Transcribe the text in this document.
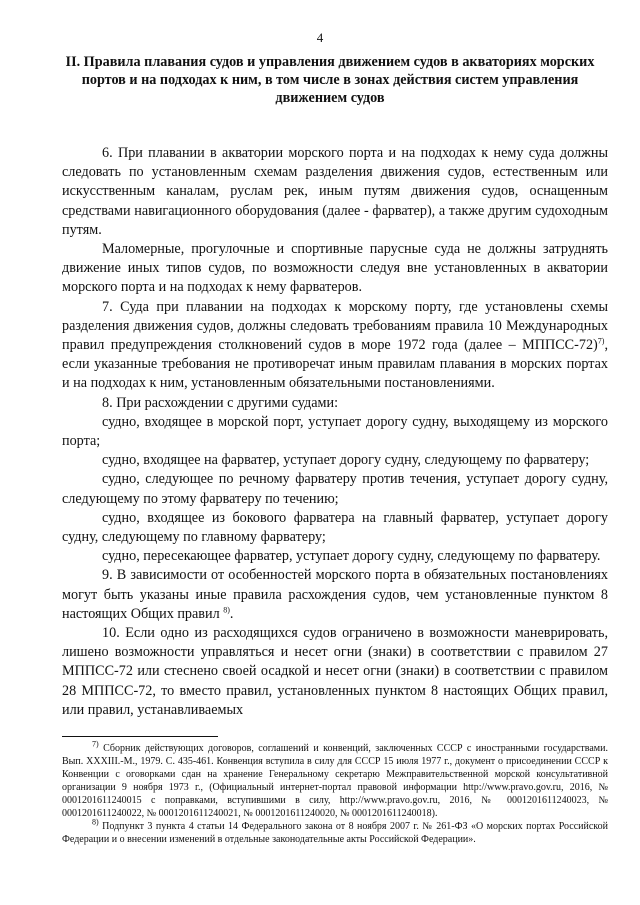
4
II. Правила плавания судов и управления движением судов в акваториях морских портов и на подходах к ним, в том числе в зонах действия систем управления движением судов

6. При плавании в акватории морского порта и на подходах к нему суда должны следовать по установленным схемам разделения движения судов, естественным или искусственным каналам, руслам рек, иным путям движения судов, оснащенным средствами навигационного оборудования (далее - фарватер), а также другим судоходным путям.

Маломерные, прогулочные и спортивные парусные суда не должны затруднять движение иных типов судов, по возможности следуя вне установленных в акватории морского порта и на подходах к нему фарватеров.

7. Суда при плавании на подходах к морскому порту, где установлены схемы разделения движения судов, должны следовать требованиям правила 10 Международных правил предупреждения столкновений судов в море 1972 года (далее – МППСС-72)$^{7)}$, если указанные требования не противоречат иным правилам плавания в морских портах и на подходах к ним, установленным обязательными постановлениями.

8. При расхождении с другими судами:

судно, входящее в морской порт, уступает дорогу судну, выходящему из морского порта;

судно, входящее на фарватер, уступает дорогу судну, следующему по фарватеру;

судно, следующее по речному фарватеру против течения, уступает дорогу судну, следующему по этому фарватеру по течению;

судно, входящее из бокового фарватера на главный фарватер, уступает дорогу судну, следующему по главному фарватеру;

судно, пересекающее фарватер, уступает дорогу судну, следующему по фарватеру.

9. В зависимости от особенностей морского порта в обязательных постановлениях могут быть указаны иные правила расхождения судов, чем установленные пунктом 8 настоящих Общих правил $^{8)}$.

10. Если одно из расходящихся судов ограничено в возможности маневрировать, лишено возможности управляться и несет огни (знаки) в соответствии с правилом 27 МППСС-72 или стеснено своей осадкой и несет огни (знаки) в соответствии с правилом 28 МППСС-72, то вместо правил, установленных пунктом 8 настоящих Общих правил, или правил, устанавливаемых

$^{7)}$ Сборник действующих договоров, соглашений и конвенций, заключенных СССР с иностранными государствами. Вып. XXXIII.-М., 1979. С. 435-461. Конвенция вступила в силу для СССР 15 июля 1977 г., документ о присоединении СССР к Конвенции с оговорками сдан на хранение Генеральному секретарю Межправительственной морской консультативной организации 9 ноября 1973 г., (Официальный интернет-портал правовой информации http://www.pravo.gov.ru, 2016, № 0001201611240015 с поправками, вступившими в силу, http://www.pravo.gov.ru, 2016, № 0001201611240023, № 0001201611240022, № 0001201611240021, № 0001201611240020, № 0001201611240018).

$^{8)}$ Подпункт 3 пункта 4 статьи 14 Федерального закона от 8 ноября 2007 г. № 261-ФЗ «О морских портах Российской Федерации и о внесении изменений в отдельные законодательные акты Российской Федерации».
